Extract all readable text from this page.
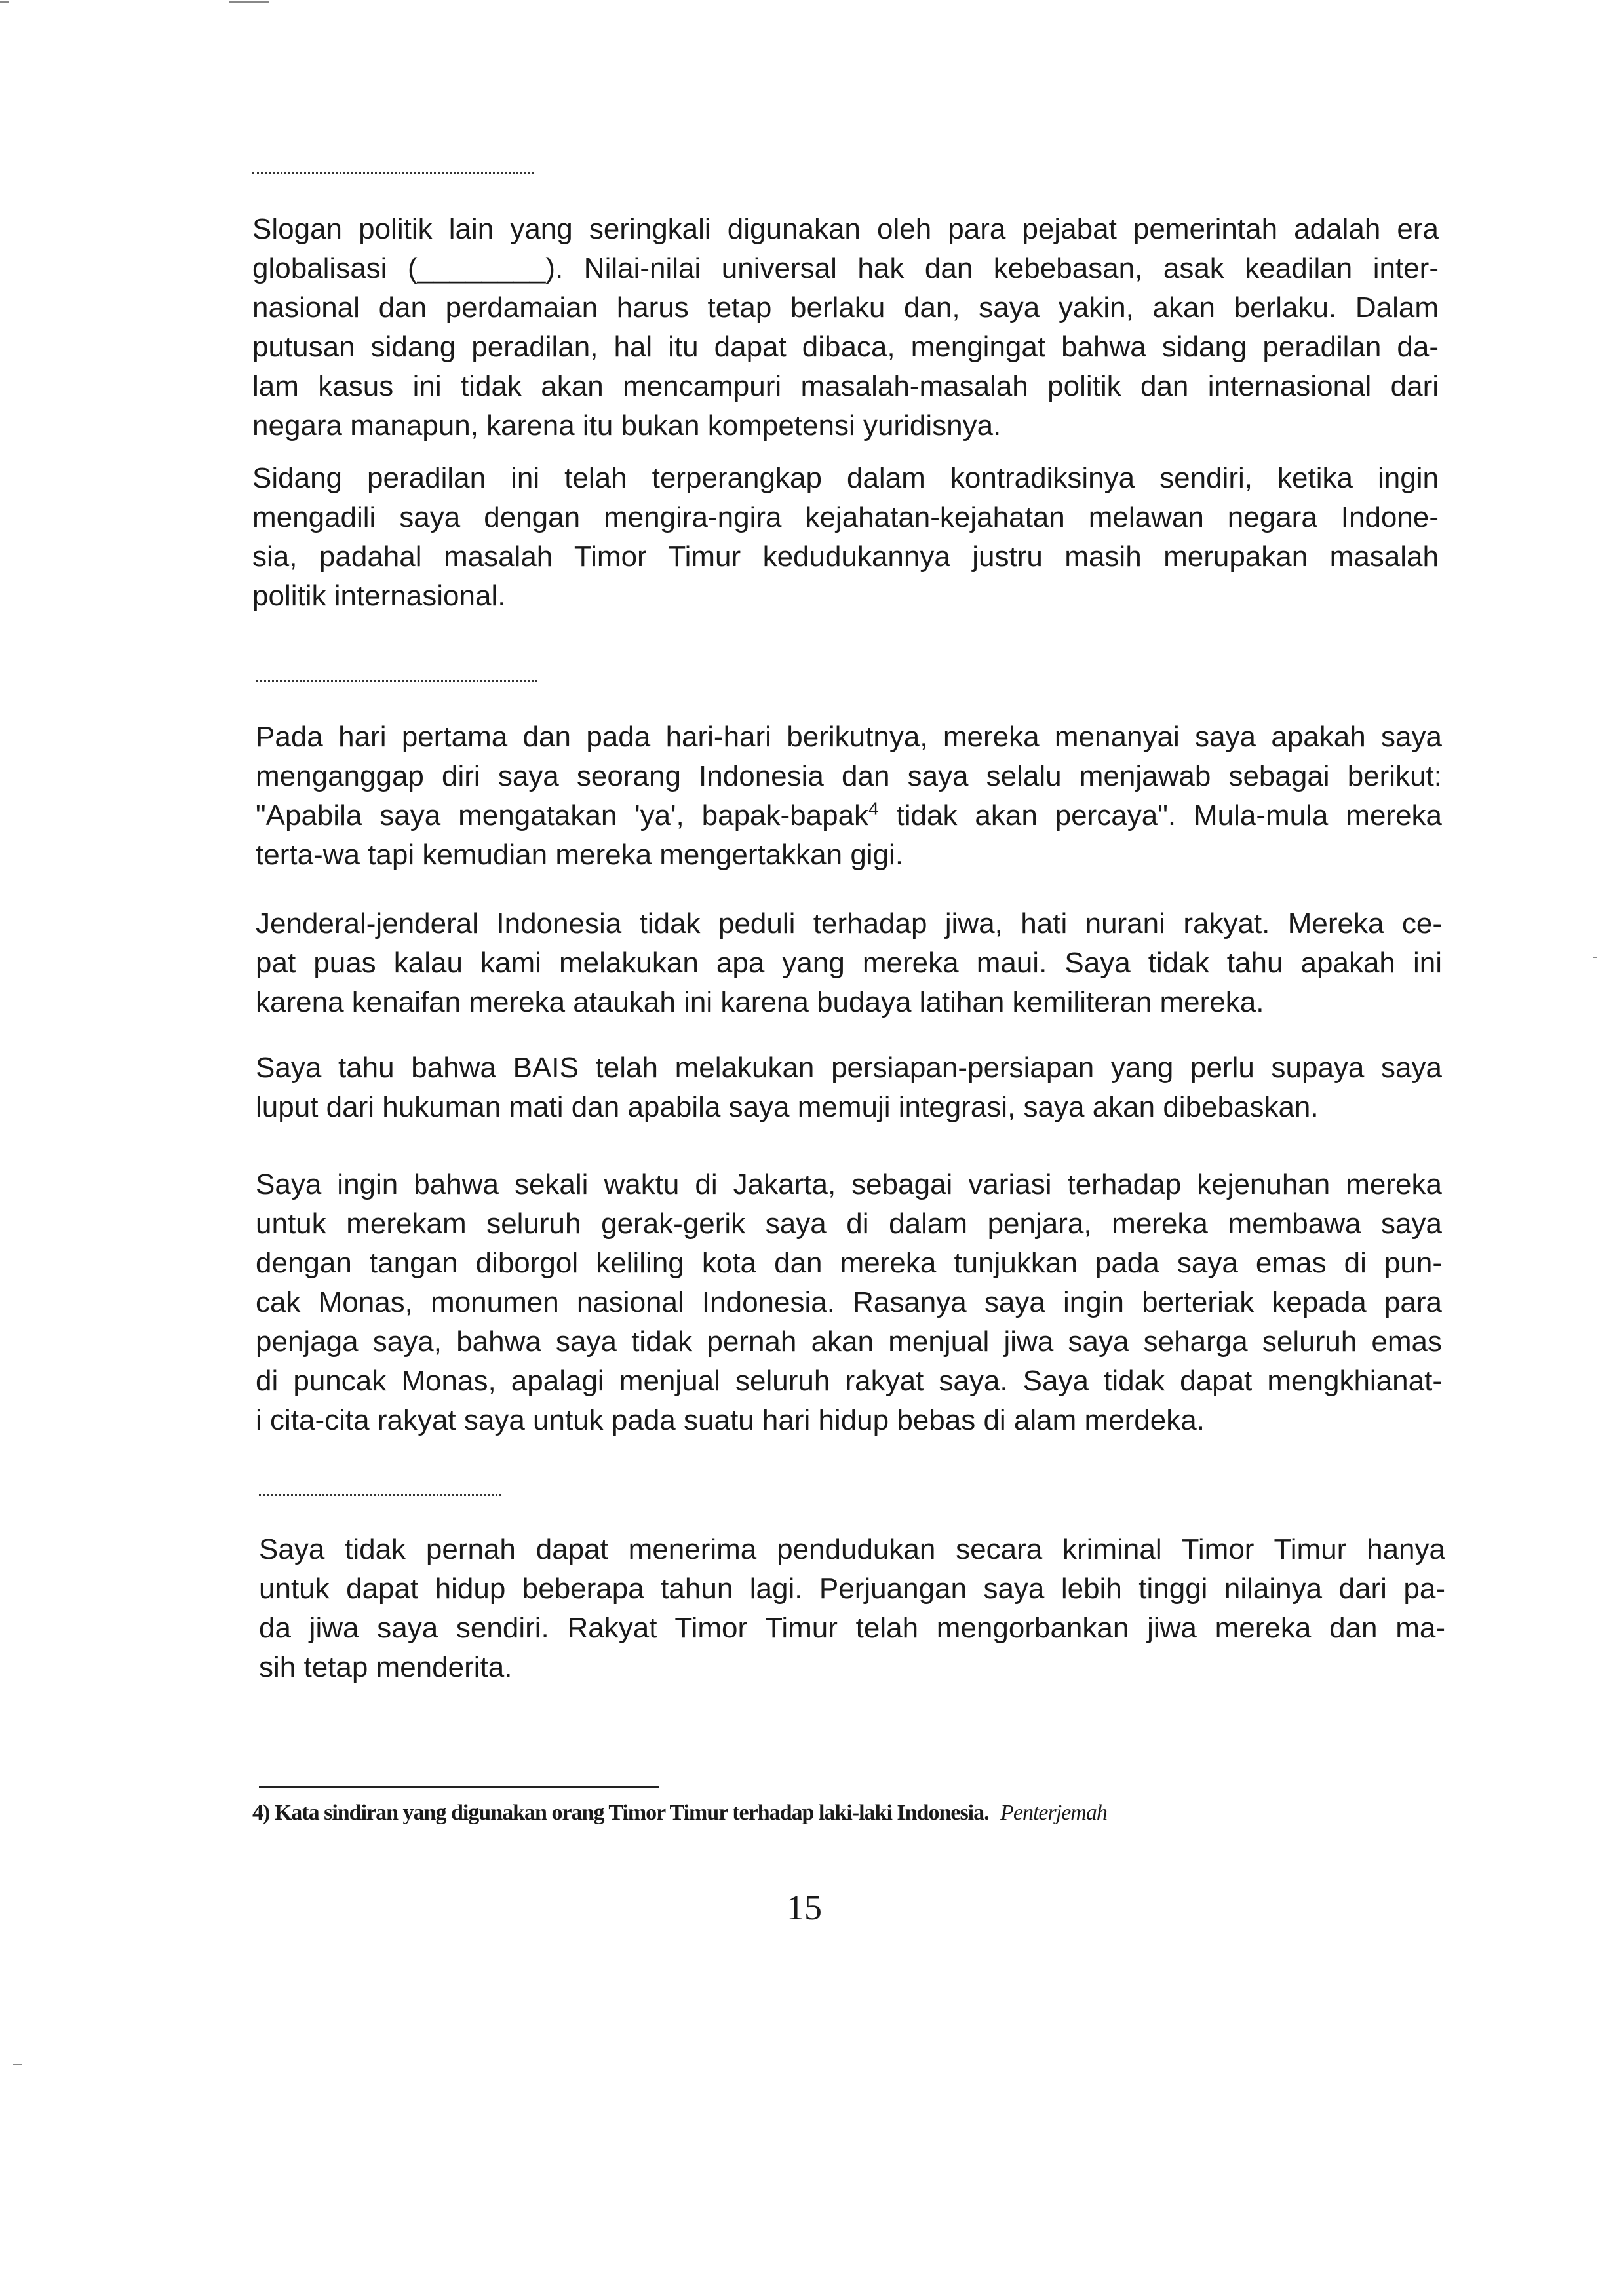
Slogan politik lain yang seringkali digunakan oleh para pejabat pemerintah adalah era
globalisasi (________). Nilai-nilai universal hak dan kebebasan, asak keadilan inter-
nasional dan perdamaian harus tetap berlaku dan, saya yakin, akan berlaku. Dalam
putusan sidang peradilan, hal itu dapat dibaca, mengingat bahwa sidang peradilan da-
lam kasus ini tidak akan mencampuri masalah-masalah politik dan internasional dari
negara manapun, karena itu bukan kompetensi yuridisnya.

Sidang peradilan ini telah terperangkap dalam kontradiksinya sendiri, ketika ingin
mengadili saya dengan mengira-ngira kejahatan-kejahatan melawan negara Indone-
sia, padahal masalah Timor Timur kedudukannya justru masih merupakan masalah
politik internasional.

Pada hari pertama dan pada hari-hari berikutnya, mereka menanyai saya apakah saya
menganggap diri saya seorang Indonesia dan saya selalu menjawab sebagai berikut:
"Apabila saya mengatakan 'ya', bapak-bapak$^4$ tidak akan percaya". Mula-mula mereka
terta-wa tapi kemudian mereka mengertakkan gigi.

Jenderal-jenderal Indonesia tidak peduli terhadap jiwa, hati nurani rakyat. Mereka ce-
pat puas kalau kami melakukan apa yang mereka maui. Saya tidak tahu apakah ini
karena kenaifan mereka ataukah ini karena budaya latihan kemiliteran mereka.

Saya tahu bahwa BAIS telah melakukan persiapan-persiapan yang perlu supaya saya
luput dari hukuman mati dan apabila saya memuji integrasi, saya akan dibebaskan.

Saya ingin bahwa sekali waktu di Jakarta, sebagai variasi terhadap kejenuhan mereka
untuk merekam seluruh gerak-gerik saya di dalam penjara, mereka membawa saya
dengan tangan diborgol keliling kota dan mereka tunjukkan pada saya emas di pun-
cak Monas, monumen nasional Indonesia. Rasanya saya ingin berteriak kepada para
penjaga saya, bahwa saya tidak pernah akan menjual jiwa saya seharga seluruh emas
di puncak Monas, apalagi menjual seluruh rakyat saya. Saya tidak dapat mengkhianat-
i cita-cita rakyat saya untuk pada suatu hari hidup bebas di alam merdeka.

Saya tidak pernah dapat menerima pendudukan secara kriminal Timor Timur hanya
untuk dapat hidup beberapa tahun lagi. Perjuangan saya lebih tinggi nilainya dari pa-
da jiwa saya sendiri. Rakyat Timor Timur telah mengorbankan jiwa mereka dan ma-
sih tetap menderita.

4) Kata sindiran yang digunakan orang Timor Timur terhadap laki-laki Indonesia. Penterjemah
15
